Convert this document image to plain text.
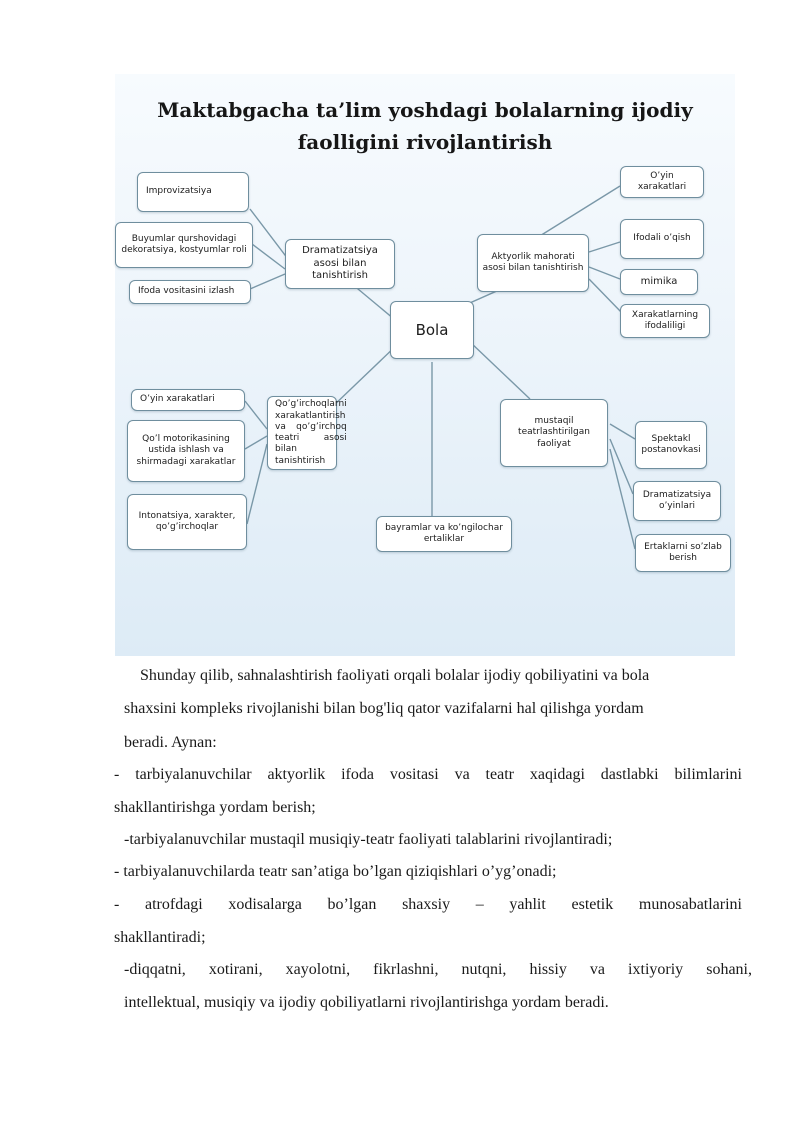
Maktabgacha ta’lim yoshdagi bolalarning ijodiy
faolligini rivojlantirish
Bola
Dramatizatsiya asosi bilan tanishtirish
Improvizatsiya
Buyumlar qurshovidagi dekoratsiya, kostyumlar roli
Ifoda vositasini izlash
Aktyorlik mahorati asosi bilan tanishtirish
O’yin xarakatlari
Ifodali o’qish
mimika
Xarakatlarning ifodaliligi
Qo’g’irchoqlarni xarakatlantirish va qo’g’irchoq teatri asosi bilan tanishtirish
O’yin xarakatlari
Qo’l motorikasining ustida ishlash va shirmadagi xarakatlar
Intonatsiya, xarakter, qo’g’irchoqlar
mustaqil teatrlashtirilgan faoliyat	Spektakl postanovkasi
Dramatizatsiya o’yinlari
Ertaklarni so’zlab berish
bayramlar va ko’ngilochar ertaliklar
Shunday qilib, sahnalashtirish faoliyati orqali bolalar ijodiy qobiliyatini va bola
shaxsini kompleks rivojlanishi bilan bog'liq qator vazifalarni hal qilishga yordam
beradi. Aynan:
- tarbiyalanuvchilar aktyorlik ifoda vositasi va teatr xaqidagi dastlabki bilimlarini
shakllantirishga yordam berish;
-tarbiyalanuvchilar mustaqil musiqiy-teatr faoliyati talablarini rivojlantiradi;
- tarbiyalanuvchilarda teatr san’atiga bo’lgan qiziqishlari o’yg’onadi;
- atrofdagi xodisalarga bo’lgan shaxsiy – yahlit estetik munosabatlarini
shakllantiradi;
-diqqatni, xotirani, xayolotni, fikrlashni, nutqni, hissiy va ixtiyoriy sohani,
intellektual, musiqiy va ijodiy qobiliyatlarni rivojlantirishga yordam beradi.
